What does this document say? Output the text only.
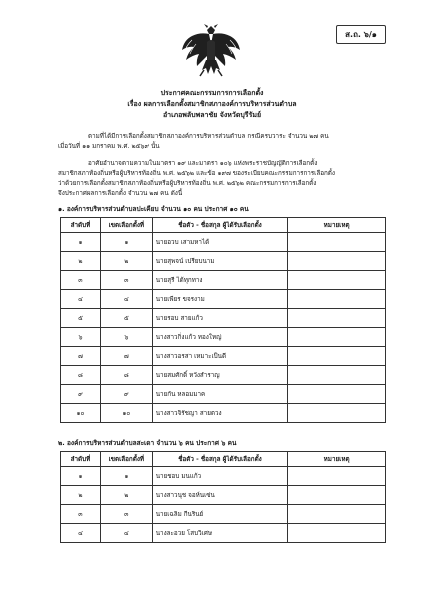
ส.ถ. ๖/๑
ประกาศคณะกรรมการการเลือกตั้ง
เรื่อง ผลการเลือกตั้งสมาชิกสภาองค์การบริหารส่วนตำบล
อำเภอพลับพลาชัย จังหวัดบุรีรัมย์
ตามที่ได้มีการเลือกตั้งสมาชิกสภาองค์การบริหารส่วนตำบล กรณีครบวาระ จำนวน ๒๗ คน
เมื่อวันที่ ๑๑ มกราคม พ.ศ. ๒๕๖๙ นั้น
อาศัยอำนาจตามความในมาตรา ๑๙ และมาตรา ๑๐๖ แห่งพระราชบัญญัติการเลือกตั้ง
สมาชิกสภาท้องถิ่นหรือผู้บริหารท้องถิ่น พ.ศ. ๒๕๖๒ และข้อ ๑๙๗ ของระเบียบคณะกรรมการการเลือกตั้ง
ว่าด้วยการเลือกตั้งสมาชิกสภาท้องถิ่นหรือผู้บริหารท้องถิ่น พ.ศ. ๒๕๖๒ คณะกรรมการการเลือกตั้ง
จึงประกาศผลการเลือกตั้ง จำนวน ๒๗ คน ดังนี้
๑. องค์การบริหารส่วนตำบลปะเคียบ จำนวน ๑๐ คน ประกาศ ๑๐ คน
ลำดับที่	เขตเลือกตั้งที่	ชื่อตัว - ชื่อสกุล ผู้ได้รับเลือกตั้ง	หมายเหตุ
๑	๑	นายอวบ เสามหาได้	
๒	๒	นายสุพจน์ เปรียบนาม	
๓	๓	นายสุรี ได้ทุกทาง	
๔	๔	นายเพียร ขจรงาม	
๕	๕	นายรอบ สายแก้ว	
๖	๖	นางสาวกิ่งแก้ว ทองใหญ่	
๗	๗	นางสาวอรสา เหมาะเป็นดี	
๘	๘	นายสมศักดิ์ หวังสำราญ	
๙	๙	นายกัน หลอมมาค	
๑๐	๑๐	นางสาวจิรัชญา สายตวง	
๒. องค์การบริหารส่วนตำบลสะเดา จำนวน ๖ คน ประกาศ ๖ คน
ลำดับที่	เขตเลือกตั้งที่	ชื่อตัว - ชื่อสกุล ผู้ได้รับเลือกตั้ง	หมายเหตุ
๑	๑	นายชอบ มนแก้ว	
๒	๒	นางสาวนุช จอห์นเซ่น	
๓	๓	นายเฉลิม กีนรินย์	
๔	๔	นางละอวย โสบวิเศษ	
